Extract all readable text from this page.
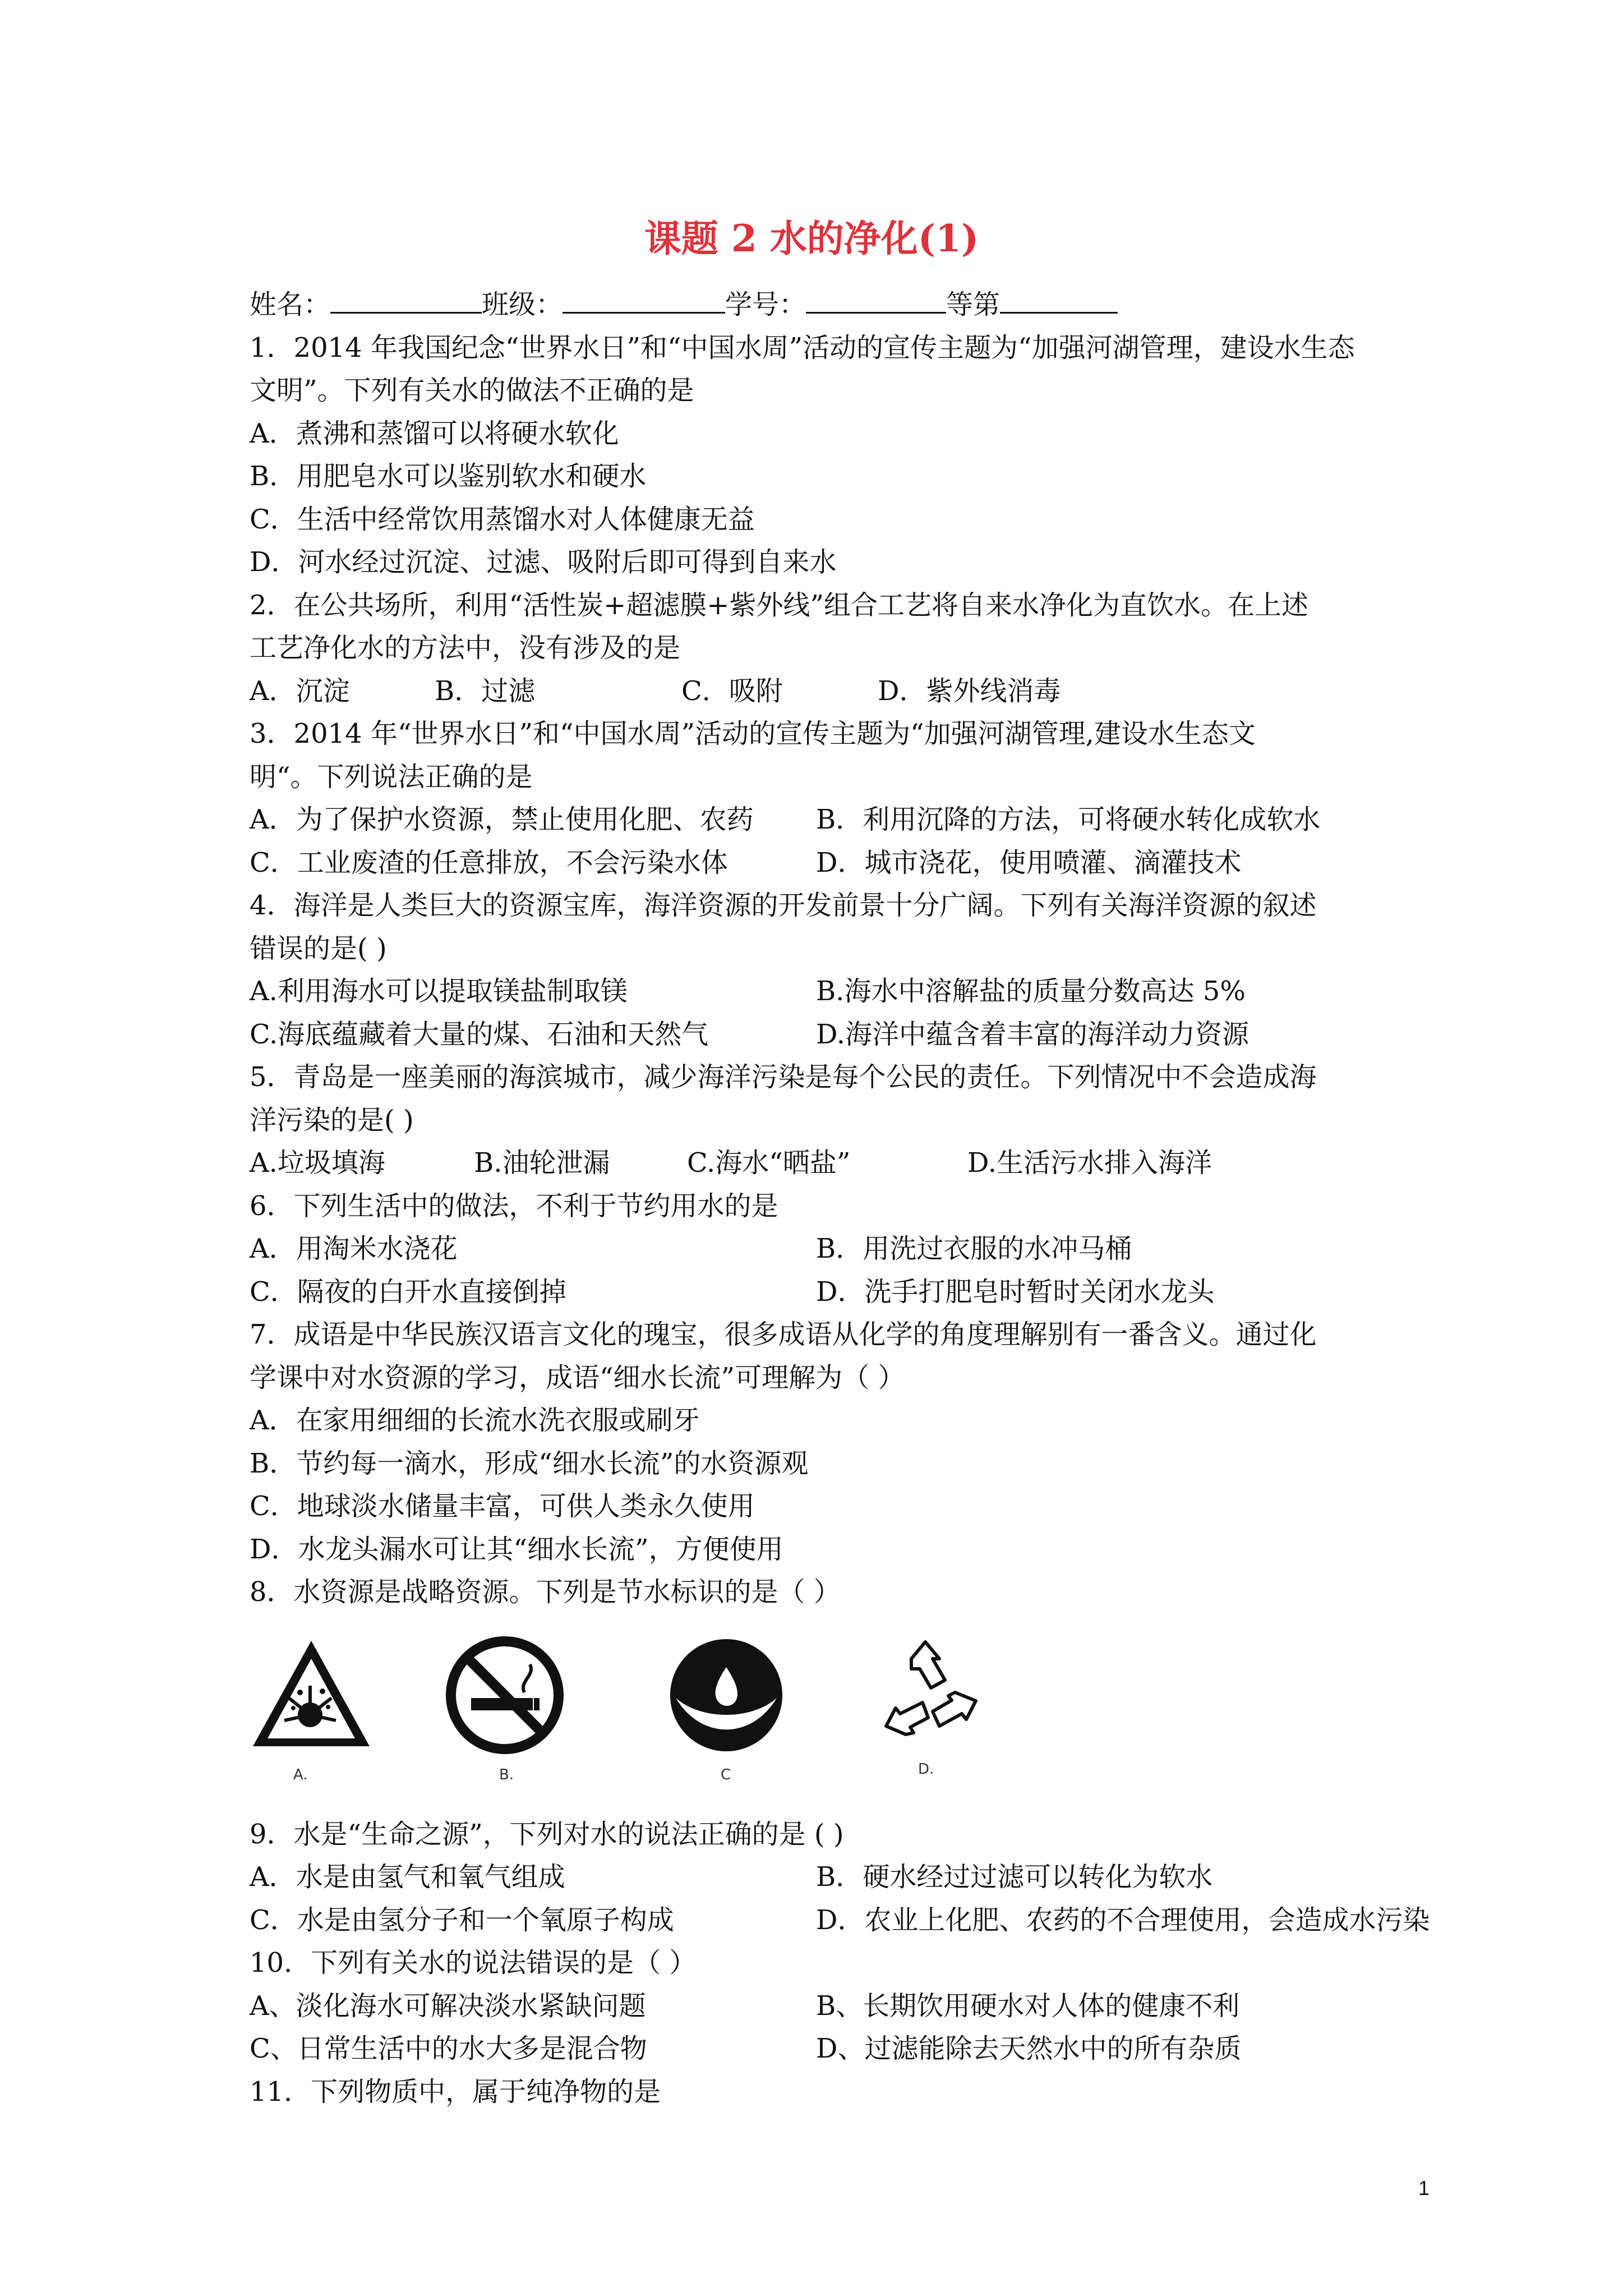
课题 2 水的净化(1)
姓名：	班级：	学号：	等第
1．2014 年我国纪念“世界水日”和“中国水周”活动的宣传主题为“加强河湖管理，建设水生态
文明”。下列有关水的做法不正确的是
A．煮沸和蒸馏可以将硬水软化
B．用肥皂水可以鉴别软水和硬水
C．生活中经常饮用蒸馏水对人体健康无益
D．河水经过沉淀、过滤、吸附后即可得到自来水
2．在公共场所，利用“活性炭+超滤膜+紫外线”组合工艺将自来水净化为直饮水。在上述
工艺净化水的方法中，没有涉及的是
A．沉淀	B．过滤	C．吸附	D．紫外线消毒
3．2014 年“世界水日”和“中国水周”活动的宣传主题为“加强河湖管理,建设水生态文
明“。下列说法正确的是
A．为了保护水资源，禁止使用化肥、农药 B．利用沉降的方法，可将硬水转化成软水
C．工业废渣的任意排放，不会污染水体	D．城市浇花，使用喷灌、滴灌技术
4．海洋是人类巨大的资源宝库，海洋资源的开发前景十分广阔。下列有关海洋资源的叙述
错误的是( )
A.利用海水可以提取镁盐制取镁	B.海水中溶解盐的质量分数高达 5%
C.海底蕴藏着大量的煤、石油和天然气	D.海洋中蕴含着丰富的海洋动力资源
5．青岛是一座美丽的海滨城市，减少海洋污染是每个公民的责任。下列情况中不会造成海
洋污染的是( )
A.垃圾填海	B.油轮泄漏	C.海水“晒盐”	D.生活污水排入海洋
6．下列生活中的做法，不利于节约用水的是
A．用淘米水浇花	B．用洗过衣服的水冲马桶
C．隔夜的白开水直接倒掉	D．洗手打肥皂时暂时关闭水龙头
7．成语是中华民族汉语言文化的瑰宝，很多成语从化学的角度理解别有一番含义。通过化
学课中对水资源的学习，成语“细水长流”可理解为（ ）
A．在家用细细的长流水洗衣服或刷牙
B．节约每一滴水，形成“细水长流”的水资源观
C．地球淡水储量丰富，可供人类永久使用
D．水龙头漏水可让其“细水长流”，方便使用
8．水资源是战略资源。下列是节水标识的是（ ）
A.	B.	C	D.
9．水是“生命之源”，下列对水的说法正确的是 ( )
A．水是由氢气和氧气组成	B．硬水经过过滤可以转化为软水
C．水是由氢分子和一个氧原子构成	D．农业上化肥、农药的不合理使用，会造成水污染
10．下列有关水的说法错误的是（ ）
A、淡化海水可解决淡水紧缺问题	B、长期饮用硬水对人体的健康不利
C、日常生活中的水大多是混合物	D、过滤能除去天然水中的所有杂质
11．下列物质中，属于纯净物的是
1
